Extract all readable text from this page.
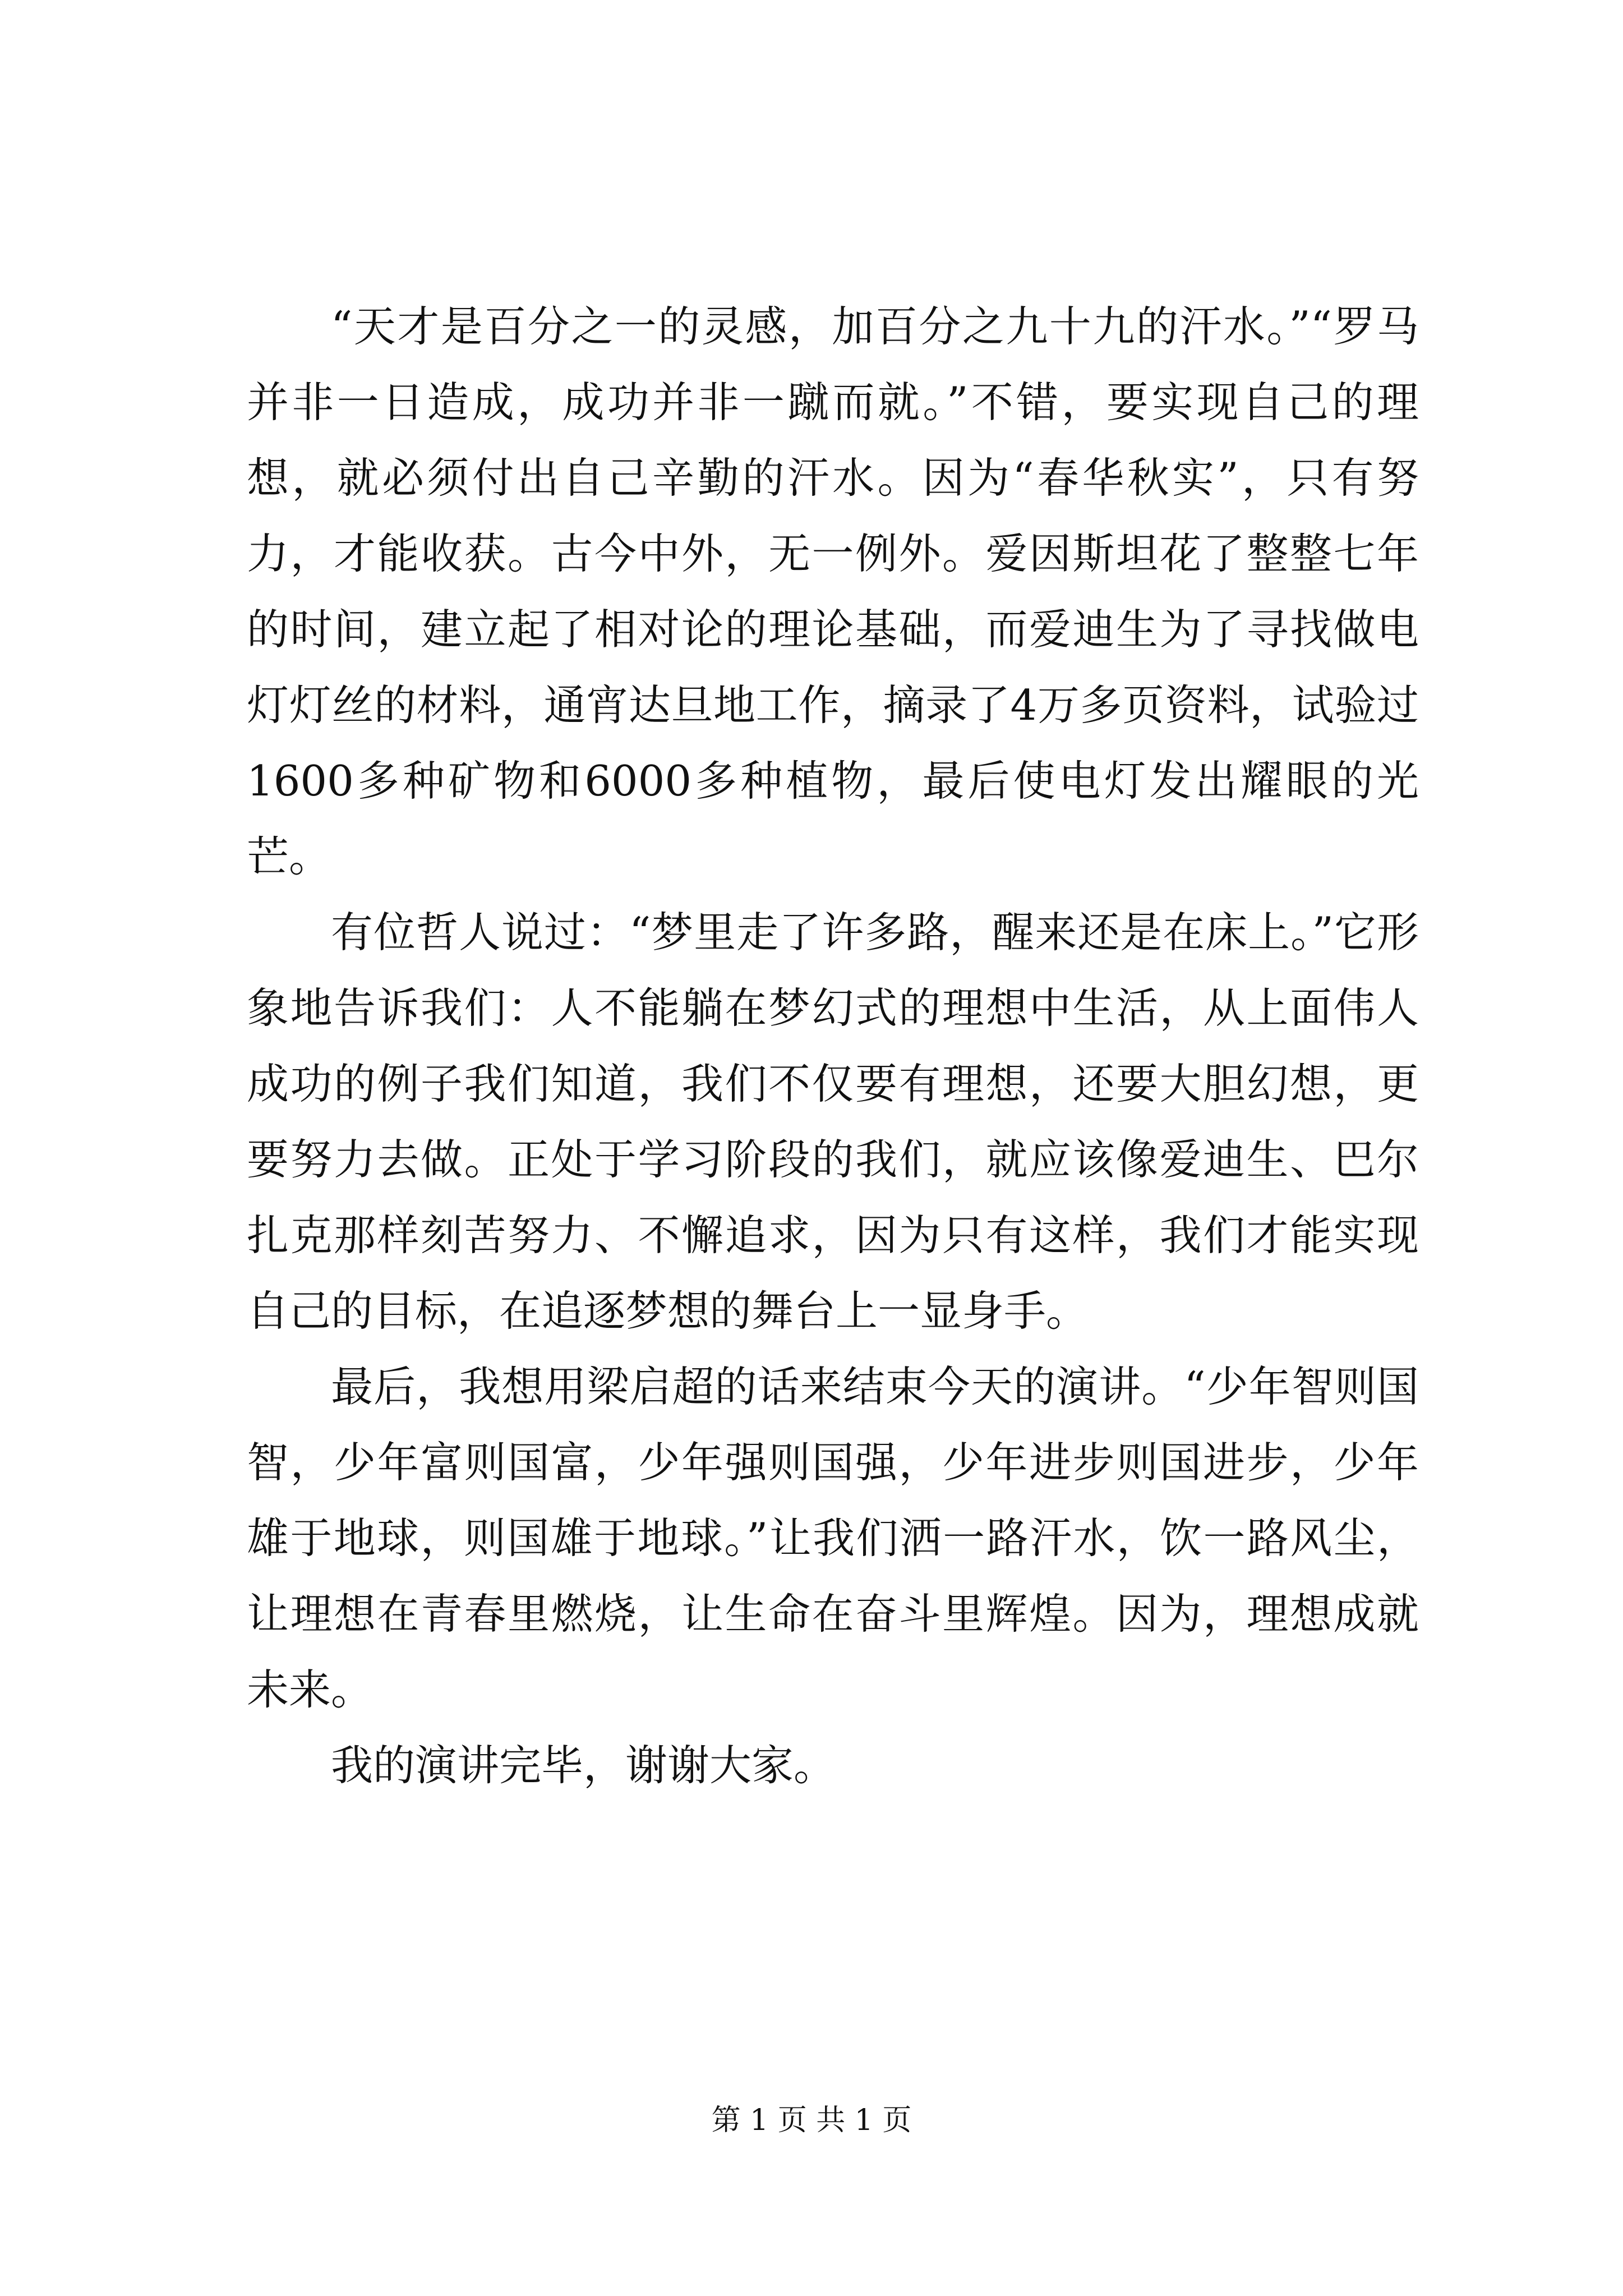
“天才是百分之一的灵感，加百分之九十九的汗水。”“罗马并非一日造成，成功并非一蹴而就。”不错，要实现自己的理想，就必须付出自己辛勤的汗水。因为“春华秋实”，只有努力，才能收获。古今中外，无一例外。爱因斯坦花了整整七年的时间，建立起了相对论的理论基础，而爱迪生为了寻找做电灯灯丝的材料，通宵达旦地工作，摘录了4万多页资料，试验过1600多种矿物和6000多种植物，最后使电灯发出耀眼的光芒。

有位哲人说过：“梦里走了许多路，醒来还是在床上。”它形象地告诉我们：人不能躺在梦幻式的理想中生活，从上面伟人成功的例子我们知道，我们不仅要有理想，还要大胆幻想，更要努力去做。正处于学习阶段的我们，就应该像爱迪生、巴尔扎克那样刻苦努力、不懈追求，因为只有这样，我们才能实现自己的目标，在追逐梦想的舞台上一显身手。

最后，我想用梁启超的话来结束今天的演讲。“少年智则国智，少年富则国富，少年强则国强，少年进步则国进步，少年雄于地球，则国雄于地球。”让我们洒一路汗水，饮一路风尘，让理想在青春里燃烧，让生命在奋斗里辉煌。因为，理想成就未来。

我的演讲完毕，谢谢大家。

第 1 页 共 1 页
